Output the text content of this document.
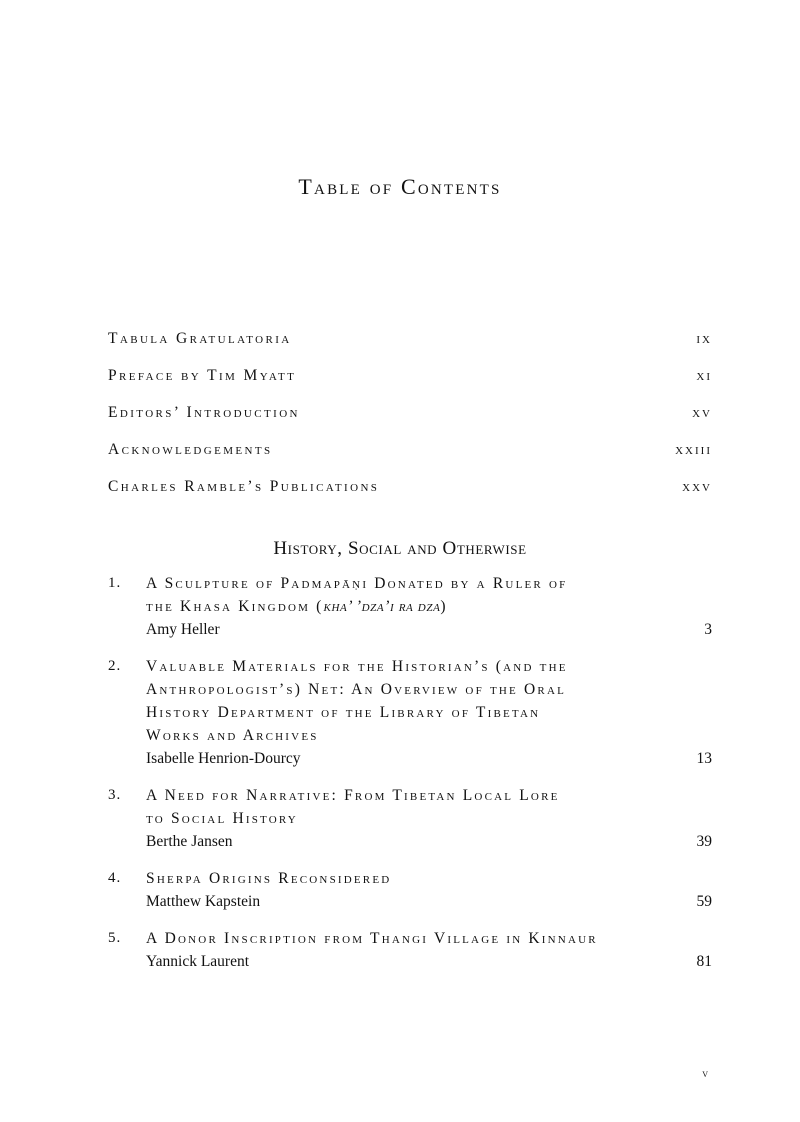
Table of Contents
Tabula Gratulatoria	ix
Preface by Tim Myatt	xi
Editors’ Introduction	xv
Acknowledgements	xxiii
Charles Ramble’s Publications	xxv
History, Social and Otherwise
1.	A Sculpture of Padmapāṇi Donated by a Ruler of
the Khasa Kingdom (kha’ ’dza’i ra dza)
Amy Heller	3
2.	Valuable Materials for the Historian’s (and the
Anthropologist’s) Net: An Overview of the Oral
History Department of the Library of Tibetan
Works and Archives
Isabelle Henrion-Dourcy	13
3.	A Need for Narrative: From Tibetan Local Lore
to Social History
Berthe Jansen	39
4.	Sherpa Origins Reconsidered
Matthew Kapstein	59
5.	A Donor Inscription from Thangi Village in Kinnaur
Yannick Laurent	81
v
